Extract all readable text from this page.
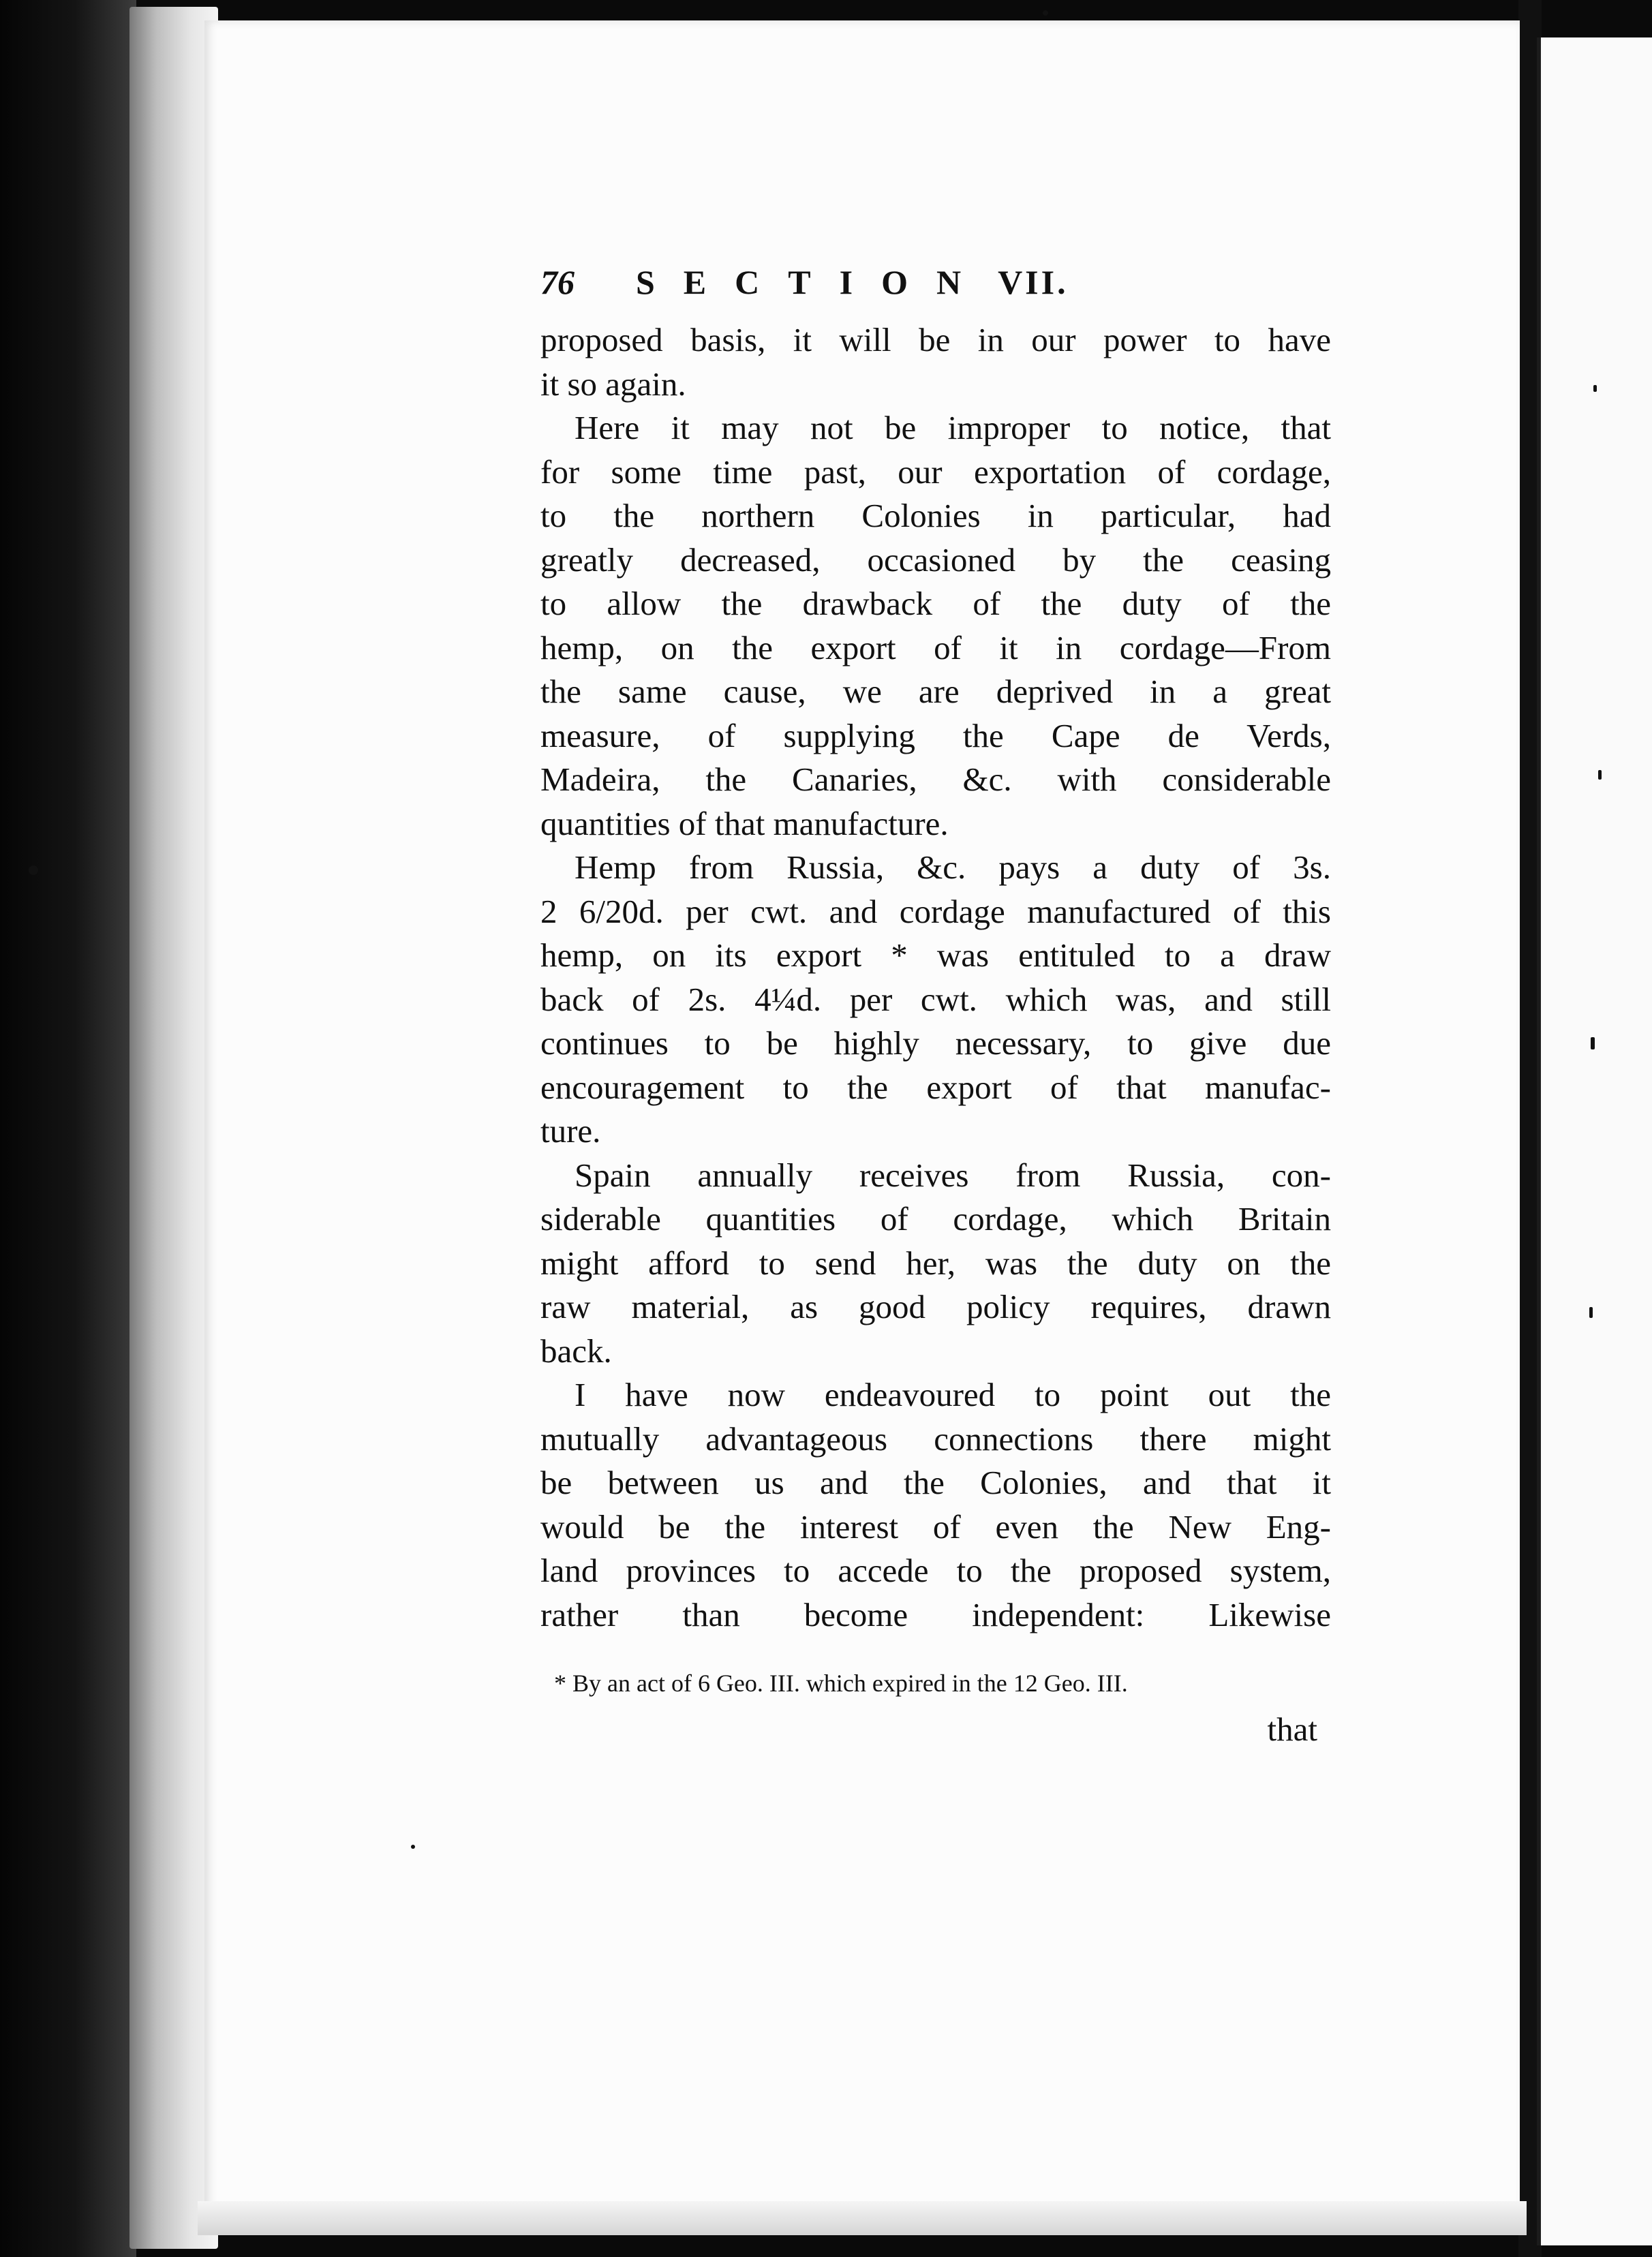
76	SECTION VII.
proposed basis, it will be in our power to have
it so again.
Here it may not be improper to notice, that
for some time past, our exportation of cordage,
to the northern Colonies in particular, had
greatly decreased, occasioned by the ceasing
to allow the drawback of the duty of the
hemp, on the export of it in cordage—From
the same cause, we are deprived in a great
measure, of supplying the Cape de Verds,
Madeira, the Canaries, &c. with considerable
quantities of that manufacture.
Hemp from Russia, &c. pays a duty of 3s.
2 6/20d. per cwt. and cordage manufactured of this
hemp, on its export * was entituled to a draw
back of 2s. 4¼d. per cwt. which was, and still
continues to be highly necessary, to give due
encouragement to the export of that manufac-
ture.
Spain annually receives from Russia, con-
siderable quantities of cordage, which Britain
might afford to send her, was the duty on the
raw material, as good policy requires, drawn
back.
I have now endeavoured to point out the
mutually advantageous connections there might
be between us and the Colonies, and that it
would be the interest of even the New Eng-
land provinces to accede to the proposed system,
rather than become independent: Likewise
* By an act of 6 Geo. III. which expired in the 12 Geo. III.
that
